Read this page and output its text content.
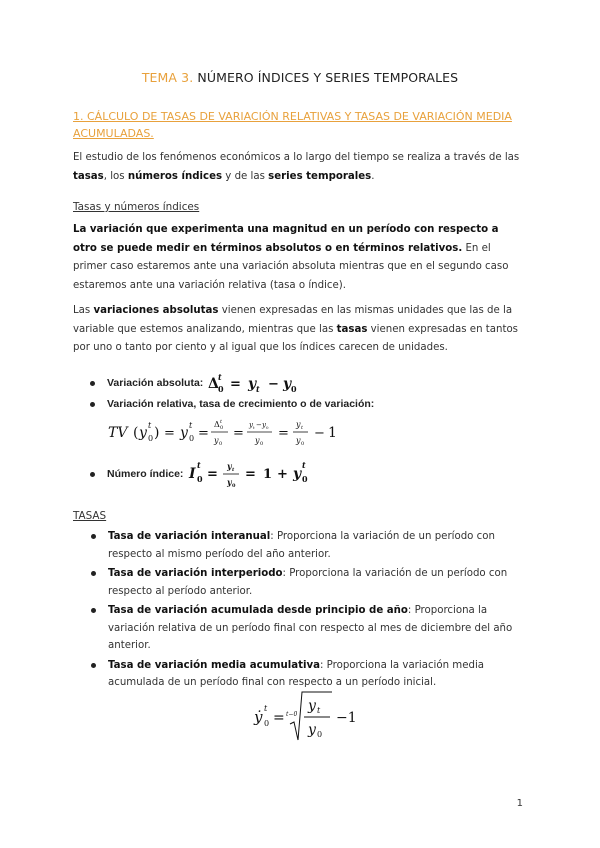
TEMA 3. NÚMERO ÍNDICES Y SERIES TEMPORALES
1. CÁLCULO DE TASAS DE VARIACIÓN RELATIVAS Y TASAS DE VARIACIÓN MEDIA ACUMULADAS.
El estudio de los fenómenos económicos a lo largo del tiempo se realiza a través de las tasas, los números índices y de las series temporales.
Tasas y números índices
La variación que experimenta una magnitud en un período con respecto a otro se puede medir en términos absolutos o en términos relativos. En el primer caso estaremos ante una variación absoluta mientras que en el segundo caso estaremos ante una variación relativa (tasa o índice).
Las variaciones absolutas vienen expresadas en las mismas unidades que las de la variable que estemos analizando, mientras que las tasas vienen expresadas en tantos por uno o tanto por ciento y al igual que los índices carecen de unidades.
Variación absoluta: Δ t
0 = y t − y 0
Variación relativa, tasa de crecimiento o de variación:
TV ( y t
0 ) = y t
0 =
Δ t
0
y 0
=
y t − y 0
y 0
=
y t
y 0
− 1
Número índice: I
t
0 =
y t
y 0
= 1 + y
t
0
TASAS
Tasa de variación interanual: Proporciona la variación de un período con respecto al mismo período del año anterior.
Tasa de variación interperiodo: Proporciona la variación de un período con respecto al período anterior.
Tasa de variación acumulada desde principio de año: Proporciona la variación relativa de un período final con respecto al mes de diciembre del año anterior.
Tasa de variación media acumulativa: Proporciona la variación media acumulada de un período final con respecto a un período inicial.
ẏ t
0 = t−0
y t
y 0
−1
1
